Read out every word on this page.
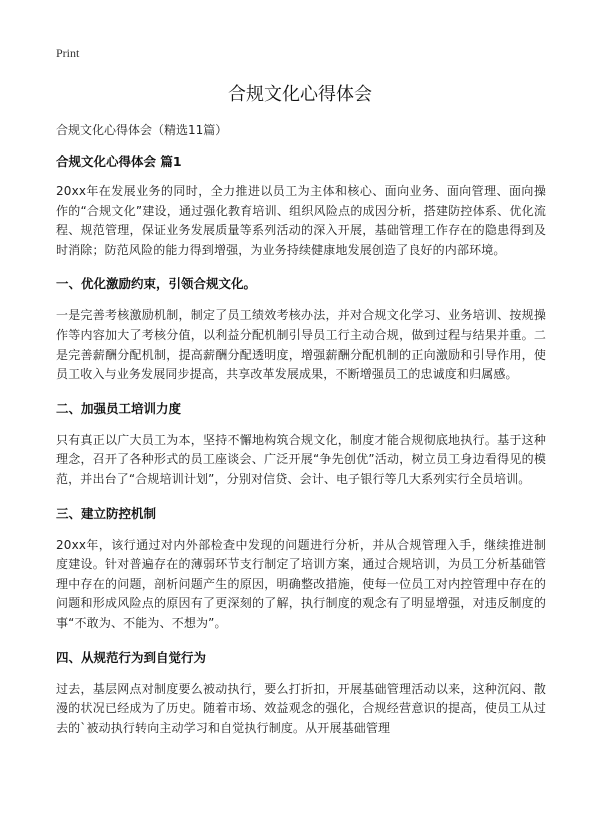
Print
合规文化心得体会

合规文化心得体会（精选11篇）

合规文化心得体会 篇1

20xx年在发展业务的同时，全力推进以员工为主体和核心、面向业务、面向管理、面向操作的“合规文化”建设，通过强化教育培训、组织风险点的成因分析，搭建防控体系、优化流程、规范管理，保证业务发展质量等系列活动的深入开展，基础管理工作存在的隐患得到及时消除；防范风险的能力得到增强，为业务持续健康地发展创造了良好的内部环境。

一、优化激励约束，引领合规文化。

一是完善考核激励机制，制定了员工绩效考核办法，并对合规文化学习、业务培训、按规操作等内容加大了考核分值，以利益分配机制引导员工行主动合规，做到过程与结果并重。二是完善薪酬分配机制，提高薪酬分配透明度，增强薪酬分配机制的正向激励和引导作用，使员工收入与业务发展同步提高，共享改革发展成果，不断增强员工的忠诚度和归属感。

二、加强员工培训力度

只有真正以广大员工为本，坚持不懈地构筑合规文化，制度才能合规彻底地执行。基于这种理念，召开了各种形式的员工座谈会、广泛开展“争先创优”活动，树立员工身边看得见的模范，并出台了“合规培训计划”，分别对信贷、会计、电子银行等几大系列实行全员培训。

三、建立防控机制

20xx年，该行通过对内外部检查中发现的问题进行分析，并从合规管理入手，继续推进制度建设。针对普遍存在的薄弱环节支行制定了培训方案，通过合规培训，为员工分析基础管理中存在的问题，剖析问题产生的原因，明确整改措施，使每一位员工对内控管理中存在的问题和形成风险点的原因有了更深刻的了解，执行制度的观念有了明显增强，对违反制度的事“不敢为、不能为、不想为”。

四、从规范行为到自觉行为

过去，基层网点对制度要么被动执行，要么打折扣，开展基础管理活动以来，这种沉闷、散漫的状况已经成为了历史。随着市场、效益观念的强化，合规经营意识的提高，使员工从过去的`被动执行转向主动学习和自觉执行制度。从开展基础管理
